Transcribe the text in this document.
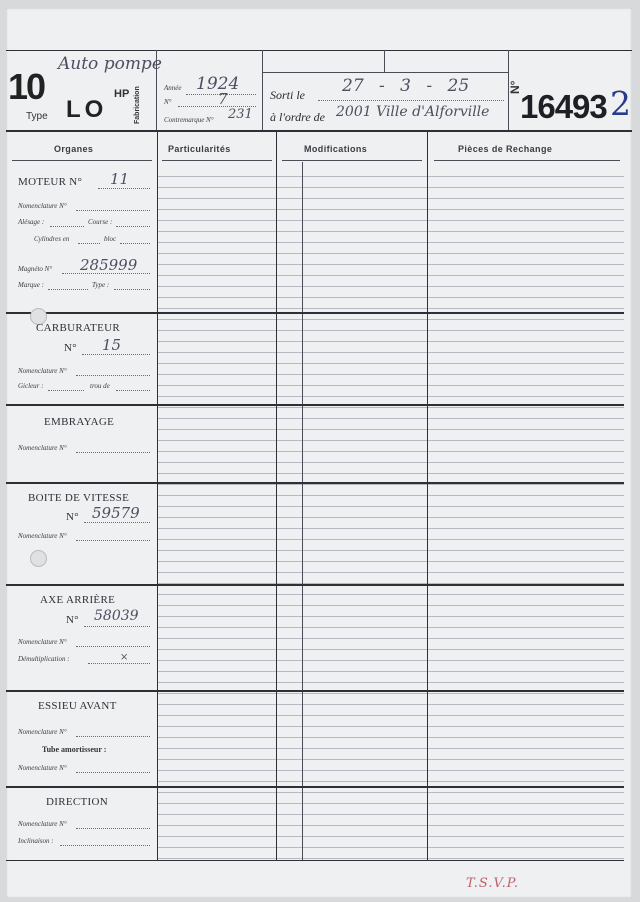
10	HP
Type LO
Auto pompe
Fabrication	Année 1924
N°	7
Contremarque N° 231
Sorti le 27 - 3 - 25
à l'ordre de 2001 Ville d'Alforville
N°
16493 2
Organes	Particularités	Modifications	Pièces de Rechange
MOTEUR N° 11
Nomenclature N°
Alésage :	Course :
Cylindres en	bloc
Magnéto N° 285999
Marque :	Type :
CARBURATEUR
N° 15
Nomenclature N°
Gicleur :	trou de
EMBRAYAGE
Nomenclature N°
BOITE DE VITESSE
N° 59579
Nomenclature N°
AXE ARRIÈRE
N° 58039
Nomenclature N°
Démultiplication :	×
ESSIEU AVANT
Nomenclature N°
Tube amortisseur :
Nomenclature N°
DIRECTION
Nomenclature N°
Inclinaison :
T.S.V.P.
